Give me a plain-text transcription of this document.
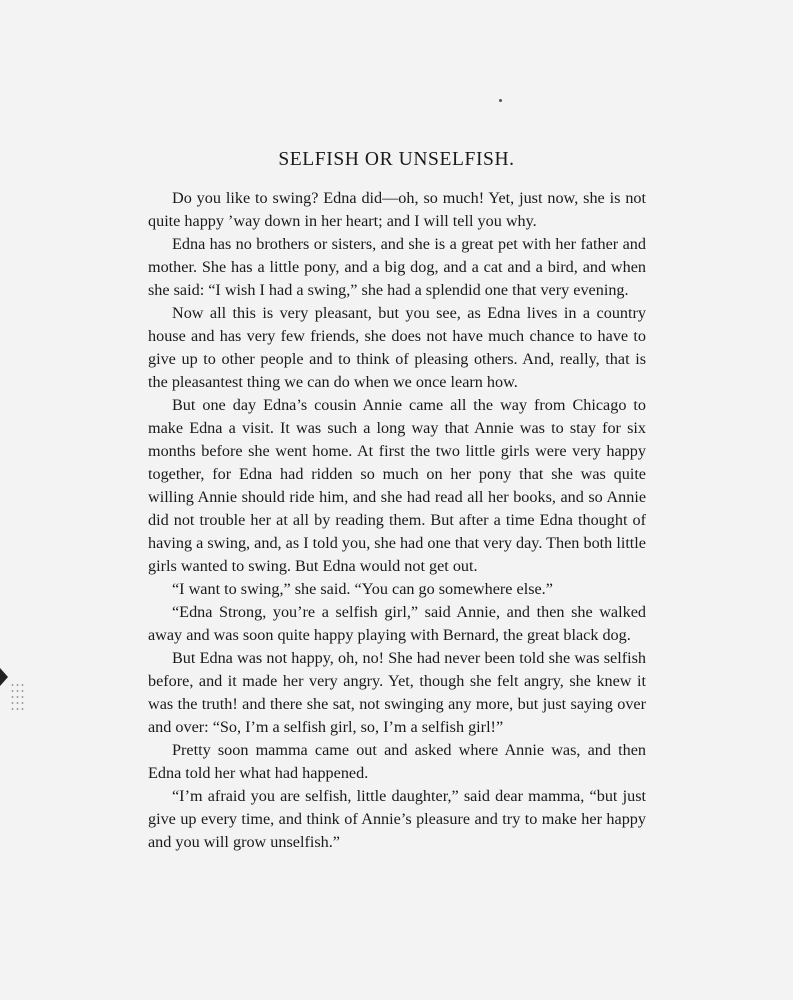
SELFISH OR UNSELFISH.

Do you like to swing? Edna did—oh, so much! Yet, just now, she is not quite happy ’way down in her heart; and I will tell you why.

Edna has no brothers or sisters, and she is a great pet with her father and mother. She has a little pony, and a big dog, and a cat and a bird, and when she said: “I wish I had a swing,” she had a splendid one that very evening.

Now all this is very pleasant, but you see, as Edna lives in a country house and has very few friends, she does not have much chance to have to give up to other people and to think of pleasing others. And, really, that is the pleasantest thing we can do when we once learn how.

But one day Edna’s cousin Annie came all the way from Chicago to make Edna a visit. It was such a long way that Annie was to stay for six months before she went home. At first the two little girls were very happy together, for Edna had ridden so much on her pony that she was quite willing Annie should ride him, and she had read all her books, and so Annie did not trouble her at all by reading them. But after a time Edna thought of having a swing, and, as I told you, she had one that very day. Then both little girls wanted to swing. But Edna would not get out.

“I want to swing,” she said. “You can go somewhere else.”

“Edna Strong, you’re a selfish girl,” said Annie, and then she walked away and was soon quite happy playing with Bernard, the great black dog.

But Edna was not happy, oh, no! She had never been told she was selfish before, and it made her very angry. Yet, though she felt angry, she knew it was the truth! and there she sat, not swinging any more, but just saying over and over: “So, I’m a selfish girl, so, I’m a selfish girl!”

Pretty soon mamma came out and asked where Annie was, and then Edna told her what had happened.

“I’m afraid you are selfish, little daughter,” said dear mamma, “but just give up every time, and think of Annie’s pleasure and try to make her happy and you will grow unselfish.”
